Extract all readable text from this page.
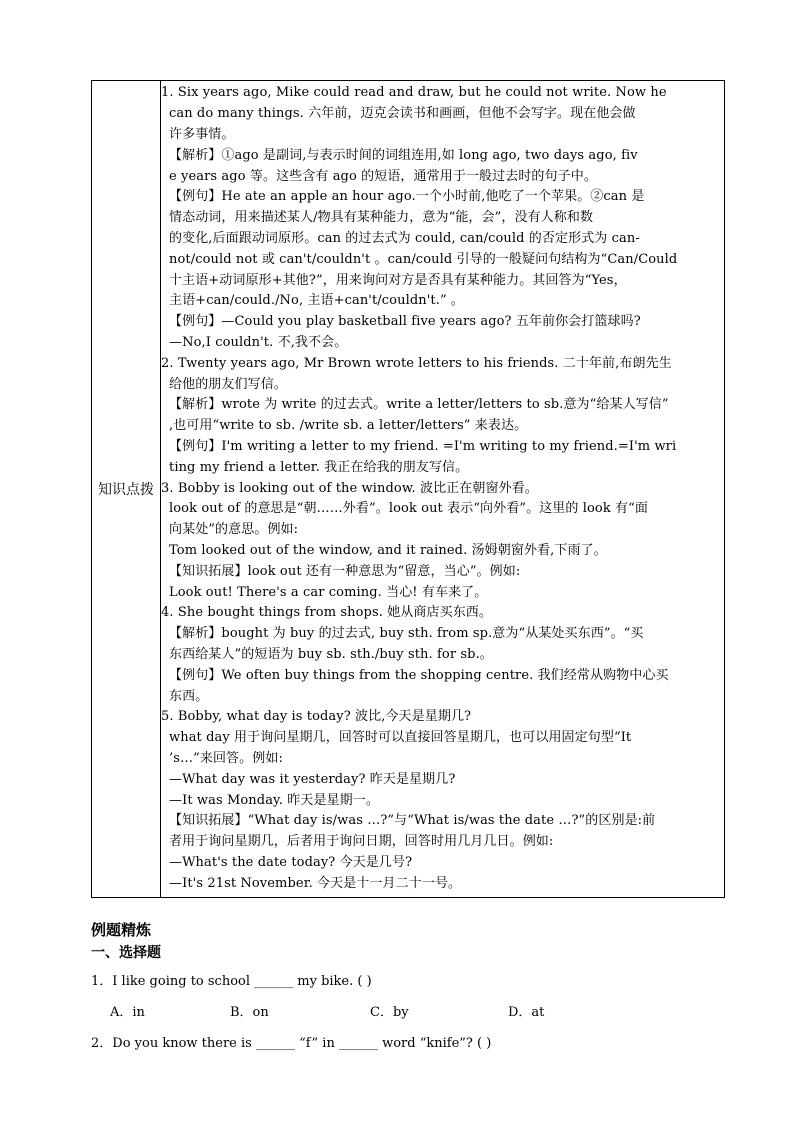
知识点拨	
1. Six years ago, Mike could read and draw, but he could not write. Now he
can do many things. 六年前，迈克会读书和画画，但他不会写字。现在他会做
许多事情。
【解析】①ago 是副词,与表示时间的词组连用,如 long ago, two days ago, fiv
e years ago 等。这些含有 ago 的短语，通常用于一般过去时的句子中。
【例句】He ate an apple an hour ago.一个小时前,他吃了一个苹果。②can 是
情态动词，用来描述某人/物具有某种能力，意为“能，会”，没有人称和数
的变化,后面跟动词原形。can 的过去式为 could, can/could 的否定形式为 can-
not/could not 或 can't/couldn't 。can/could 引导的一般疑问句结构为“Can/Could
十主语+动词原形+其他?”，用来询问对方是否具有某种能力。其回答为“Yes，
主语+can/could./No, 主语+can't/couldn't.” 。
【例句】—Could you play basketball five years ago? 五年前你会打篮球吗?
—No,I couldn't. 不,我不会。
2. Twenty years ago, Mr Brown wrote letters to his friends. 二十年前,布朗先生
给他的朋友们写信。
【解析】wrote 为 write 的过去式。write a letter/letters to sb.意为“给某人写信”
,也可用“write to sb. /write sb. a letter/letters” 来表达。
【例句】I'm writing a letter to my friend. =I'm writing to my friend.=I'm wri
ting my friend a letter. 我正在给我的朋友写信。
3. Bobby is looking out of the window. 波比正在朝窗外看。
look out of 的意思是“朝……外看”。look out 表示“向外看”。这里的 look 有“面
向某处”的意思。例如:
Tom looked out of the window, and it rained. 汤姆朝窗外看,下雨了。
【知识拓展】look out 还有一种意思为“留意，当心”。例如:
Look out! There's a car coming. 当心! 有车来了。
4. She bought things from shops. 她从商店买东西。
【解析】bought 为 buy 的过去式, buy sth. from sp.意为“从某处买东西”。“买
东西给某人”的短语为 buy sb. sth./buy sth. for sb.。
【例句】We often buy things from the shopping centre. 我们经常从购物中心买
东西。
5. Bobby, what day is today? 波比,今天是星期几?
what day 用于询问星期几，回答时可以直接回答星期几，也可以用固定句型“It
’s…”来回答。例如:
—What day was it yesterday? 昨天是星期几?
—It was Monday. 昨天是星期一。
【知识拓展】“What day is/was …?”与“What is/was the date …?”的区别是:前
者用于询问星期几，后者用于询问日期，回答时用几月几日。例如:
—What's the date today? 今天是几号?
—It's 21st November. 今天是十一月二十一号。
例题精炼
一、选择题
1．I like going to school ______ my bike. ( )
A．in	B．on	C．by	D．at
2．Do you know there is ______ “f” in ______ word “knife”? ( )
